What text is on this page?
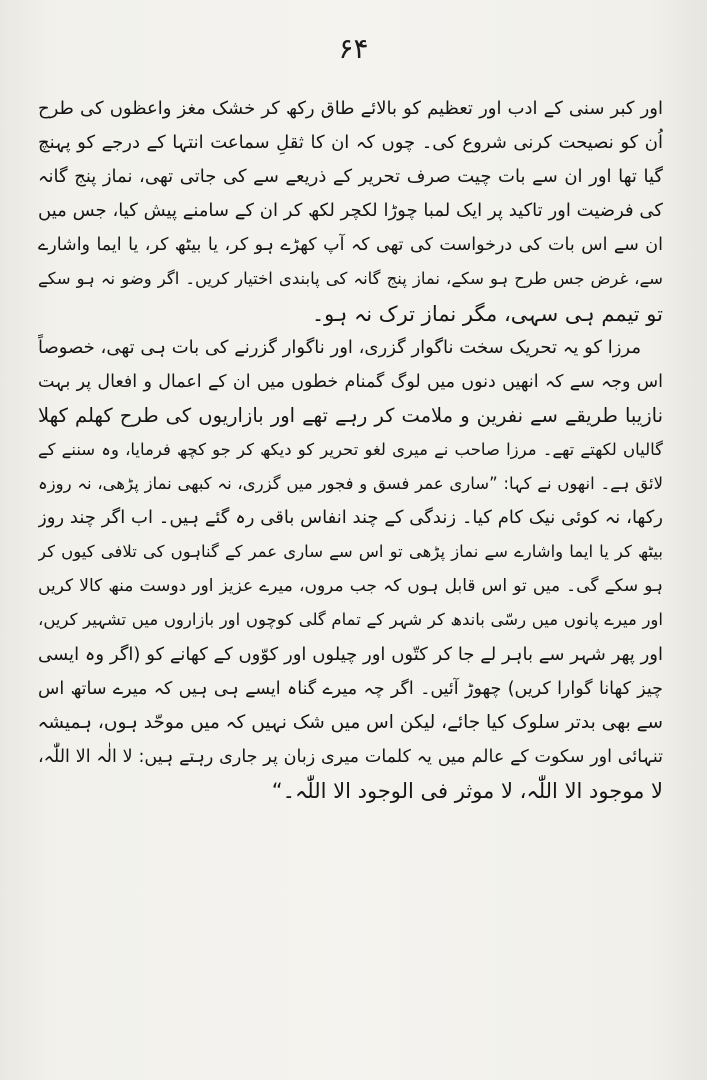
۶۴
اور کبر سنی کے ادب اور تعظیم کو بالائے طاق رکھ کر خشک مغز واعظوں کی طرح
اُن کو نصیحت کرنی شروع کی۔ چوں کہ ان کا ثقلِ سماعت انتہا کے درجے کو پہنچ
گیا تھا اور ان سے بات چیت صرف تحریر کے ذریعے سے کی جاتی تھی، نماز پنج گانہ
کی فرضیت اور تاکید پر ایک لمبا چوڑا لکچر لکھ کر ان کے سامنے پیش کیا، جس میں
ان سے اس بات کی درخواست کی تھی کہ آپ کھڑے ہو کر، یا بیٹھ کر، یا ایما واشارے
سے، غرض جس طرح ہو سکے، نماز پنج گانہ کی پابندی اختیار کریں۔ اگر وضو نہ ہو سکے
تو تیمم ہی سہی، مگر نماز ترک نہ ہو۔
مرزا کو یہ تحریک سخت ناگوار گزری، اور ناگوار گزرنے کی بات ہی تھی، خصوصاً
اس وجہ سے کہ انھیں دنوں میں لوگ گمنام خطوں میں ان کے اعمال و افعال پر بہت
نازیبا طریقے سے نفرین و ملامت کر رہے تھے اور بازاریوں کی طرح کھلم کھلا
گالیاں لکھتے تھے۔ مرزا صاحب نے میری لغو تحریر کو دیکھ کر جو کچھ فرمایا، وہ سننے کے
لائق ہے۔ انھوں نے کہا: ”ساری عمر فسق و فجور میں گزری، نہ کبھی نماز پڑھی، نہ روزہ
رکھا، نہ کوئی نیک کام کیا۔ زندگی کے چند انفاس باقی رہ گئے ہیں۔ اب اگر چند روز
بیٹھ کر یا ایما واشارے سے نماز پڑھی تو اس سے ساری عمر کے گناہوں کی تلافی کیوں کر
ہو سکے گی۔ میں تو اس قابل ہوں کہ جب مروں، میرے عزیز اور دوست منھ کالا کریں
اور میرے پانوں میں رسّی باندھ کر شہر کے تمام گلی کوچوں اور بازاروں میں تشہیر کریں،
اور پھر شہر سے باہر لے جا کر کتّوں اور چیلوں اور کوّوں کے کھانے کو (اگر وہ ایسی
چیز کھانا گوارا کریں) چھوڑ آئیں۔ اگر چہ میرے گناہ ایسے ہی ہیں کہ میرے ساتھ اس
سے بھی بدتر سلوک کیا جائے، لیکن اس میں شک نہیں کہ میں موحّد ہوں، ہمیشہ
تنہائی اور سکوت کے عالم میں یہ کلمات میری زبان پر جاری رہتے ہیں: لا الٰہ الا اللّٰہ،
لا موجود الا اللّٰہ، لا موثر فی الوجود الا اللّٰہ۔“
